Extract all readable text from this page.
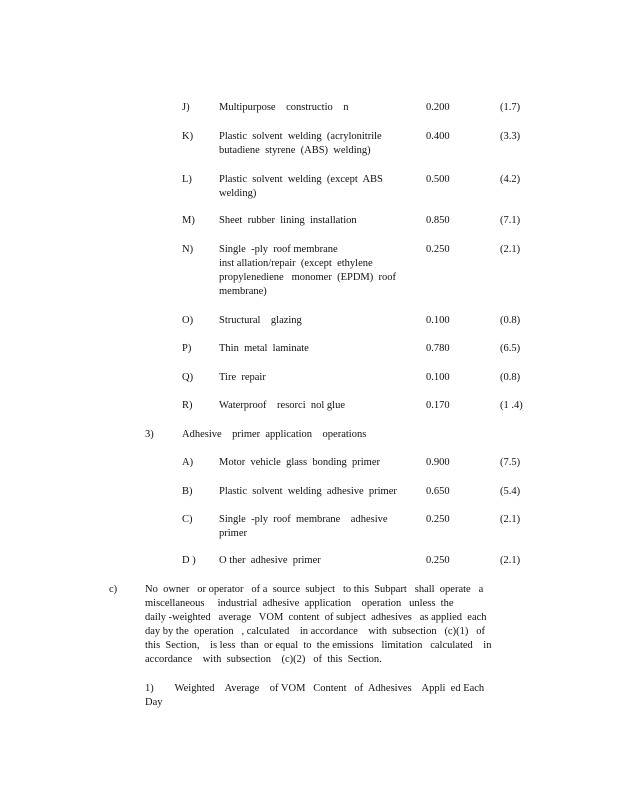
J)	Multipurpose    constructio    n	0.200	(1.7)
K) Plastic  solvent  welding  (acrylonitrile
butadiene  styrene  (ABS)  welding)
0.400	(3.3)
L)	Plastic  solvent  welding  (except  ABS
welding)
0.500	(4.2)
M) Sheet  rubber  lining  installation	0.850	(7.1)
N) Single  -ply  roof membrane
inst allation/repair  (except  ethylene
propylenediene   monomer  (EPDM)  roof
membrane)
0.250	(2.1)
O) Structural    glazing	0.100	(0.8)
P)	Thin  metal  laminate	0.780	(6.5)
Q) Tire  repair	0.100	(0.8)
R)	Waterproof    resorci  nol glue	0.170	(1 .4)
3)	Adhesive    primer  application    operations
A) Motor  vehicle  glass  bonding  primer	0.900	(7.5)
B)	Plastic  solvent  welding  adhesive  primer	0.650	(5.4)
C)	Single  -ply  roof  membrane    adhesive
primer
0.250	(2.1)
D ) O ther  adhesive  primer	0.250	(2.1)
c)	No  owner   or operator   of a  source  subject   to this  Subpart   shall  operate   a
miscellaneous     industrial  adhesive  application    operation   unless  the
daily -weighted   average   VOM  content  of subject  adhesives   as applied  each
day by the  operation   , calculated    in accordance    with  subsection   (c)(1)   of
this  Section,    is less  than  or equal  to  the emissions   limitation   calculated    in
accordance    with  subsection    (c)(2)   of  this  Section.
1)        Weighted    Average    of VOM   Content   of  Adhesives    Appli  ed Each
Day
